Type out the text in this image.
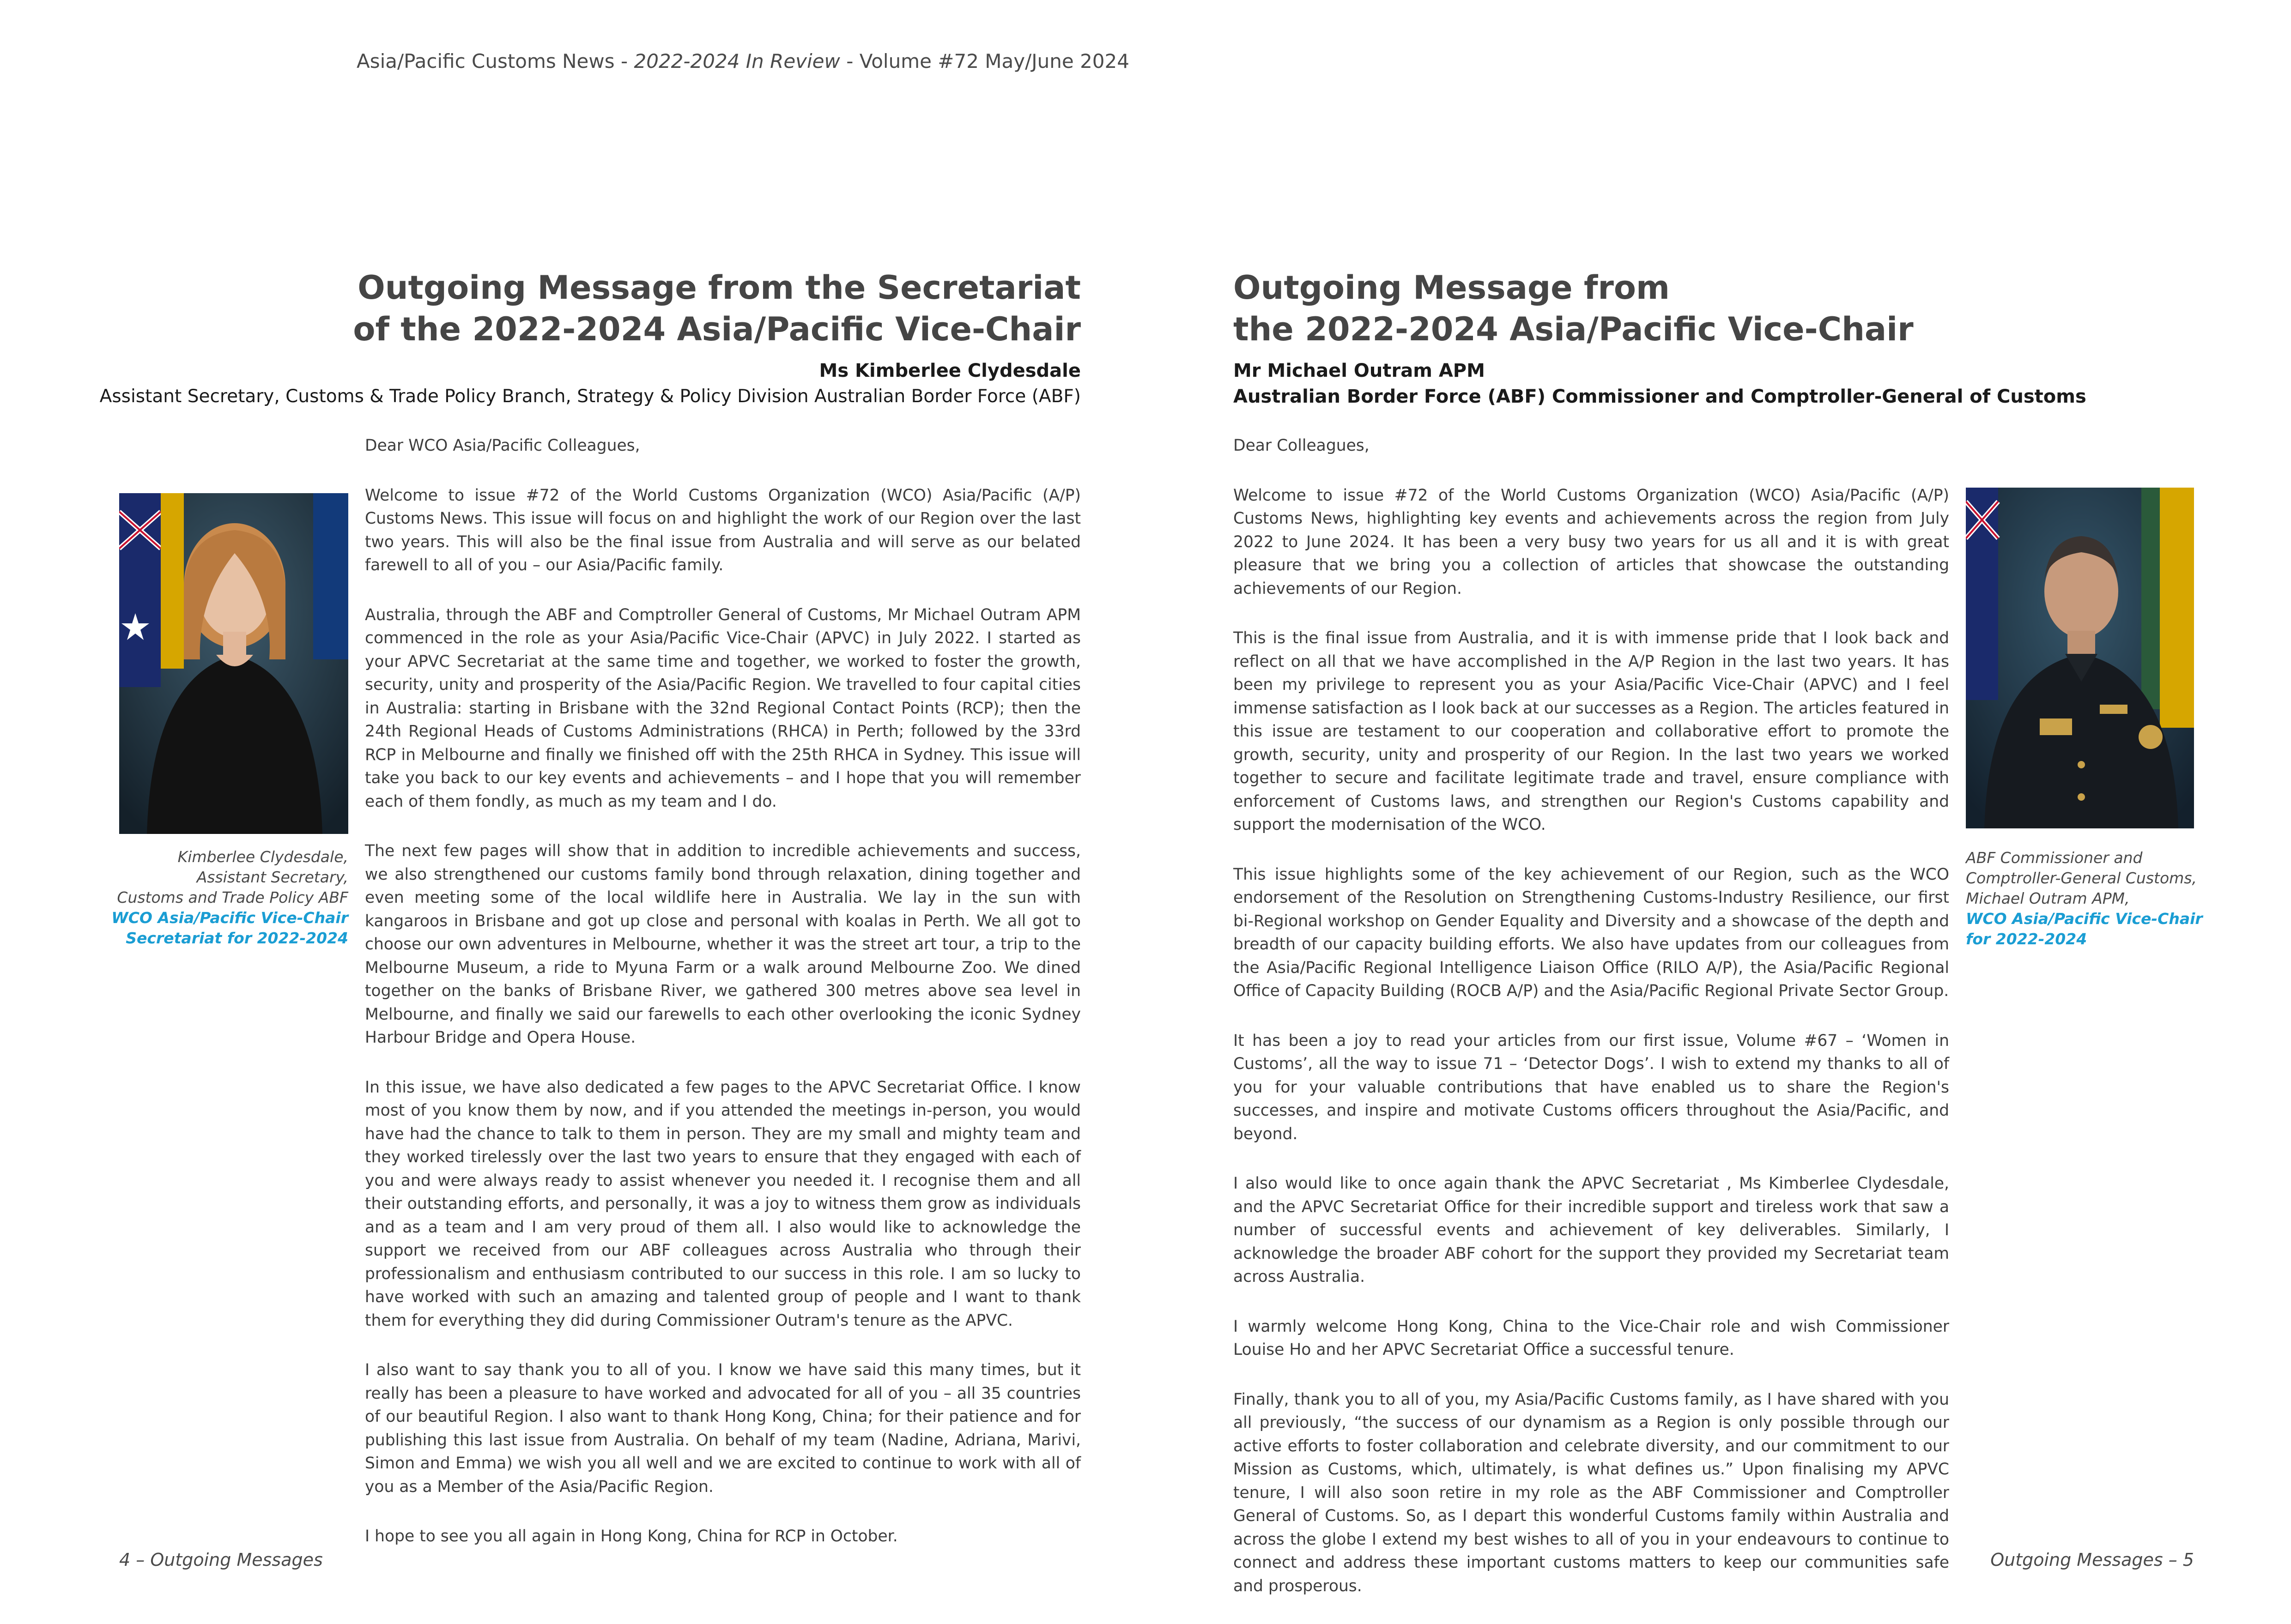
Asia/Pacific Customs News - 2022-2024 In Review - Volume #72 May/June 2024
Outgoing Message from the Secretariat
of the 2022-2024 Asia/Pacific Vice-Chair
Ms Kimberlee Clydesdale
Assistant Secretary, Customs & Trade Policy Branch, Strategy & Policy Division Australian Border Force (ABF)
Kimberlee Clydesdale,
Assistant Secretary,
Customs and Trade Policy ABF
WCO Asia/Pacific Vice-Chair
Secretariat for 2022-2024

Dear WCO Asia/Pacific Colleagues,

Welcome to issue #72 of the World Customs Organization (WCO) Asia/Pacific (A/P) Customs News. This issue will focus on and highlight the work of our Region over the last two years. This will also be the final issue from Australia and will serve as our belated farewell to all of you – our Asia/Pacific family.

Australia, through the ABF and Comptroller General of Customs, Mr Michael Outram APM commenced in the role as your Asia/Pacific Vice-Chair (APVC) in July 2022. I started as your APVC Secretariat at the same time and together, we worked to foster the growth, security, unity and prosperity of the Asia/Pacific Region. We travelled to four capital cities in Australia: starting in Brisbane with the 32nd Regional Contact Points (RCP); then the 24th Regional Heads of Customs Administrations (RHCA) in Perth; followed by the 33rd RCP in Melbourne and finally we finished off with the 25th RHCA in Sydney. This issue will take you back to our key events and achievements – and I hope that you will remember each of them fondly, as much as my team and I do.

The next few pages will show that in addition to incredible achievements and success, we also strengthened our customs family bond through relaxation, dining together and even meeting some of the local wildlife here in Australia. We lay in the sun with kangaroos in Brisbane and got up close and personal with koalas in Perth. We all got to choose our own adventures in Melbourne, whether it was the street art tour, a trip to the Melbourne Museum, a ride to Myuna Farm or a walk around Melbourne Zoo. We dined together on the banks of Brisbane River, we gathered 300 metres above sea level in Melbourne, and finally we said our farewells to each other overlooking the iconic Sydney Harbour Bridge and Opera House.

In this issue, we have also dedicated a few pages to the APVC Secretariat Office. I know most of you know them by now, and if you attended the meetings in-person, you would have had the chance to talk to them in person. They are my small and mighty team and they worked tirelessly over the last two years to ensure that they engaged with each of you and were always ready to assist whenever you needed it. I recognise them and all their outstanding efforts, and personally, it was a joy to witness them grow as individuals and as a team and I am very proud of them all. I also would like to acknowledge the support we received from our ABF colleagues across Australia who through their professionalism and enthusiasm contributed to our success in this role. I am so lucky to have worked with such an amazing and talented group of people and I want to thank them for everything they did during Commissioner Outram's tenure as the APVC.

I also want to say thank you to all of you. I know we have said this many times, but it really has been a pleasure to have worked and advocated for all of you – all 35 countries of our beautiful Region. I also want to thank Hong Kong, China; for their patience and for publishing this last issue from Australia. On behalf of my team (Nadine, Adriana, Marivi, Simon and Emma) we wish you all well and we are excited to continue to work with all of you as a Member of the Asia/Pacific Region.

I hope to see you all again in Hong Kong, China for RCP in October.

4 – Outgoing Messages
Outgoing Message from
the 2022-2024 Asia/Pacific Vice-Chair
Mr Michael Outram APM
Australian Border Force (ABF) Commissioner and Comptroller-General of Customs
ABF Commissioner and
Comptroller-General Customs,
Michael Outram APM,
WCO Asia/Pacific Vice-Chair
for 2022-2024

Dear Colleagues,

Welcome to issue #72 of the World Customs Organization (WCO) Asia/Pacific (A/P) Customs News, highlighting key events and achievements across the region from July 2022 to June 2024. It has been a very busy two years for us all and it is with great pleasure that we bring you a collection of articles that showcase the outstanding achievements of our Region.

This is the final issue from Australia, and it is with immense pride that I look back and reflect on all that we have accomplished in the A/P Region in the last two years. It has been my privilege to represent you as your Asia/Pacific Vice-Chair (APVC) and I feel immense satisfaction as I look back at our successes as a Region. The articles featured in this issue are testament to our cooperation and collaborative effort to promote the growth, security, unity and prosperity of our Region. In the last two years we worked together to secure and facilitate legitimate trade and travel, ensure compliance with enforcement of Customs laws, and strengthen our Region's Customs capability and support the modernisation of the WCO.

This issue highlights some of the key achievement of our Region, such as the WCO endorsement of the Resolution on Strengthening Customs-Industry Resilience, our first bi-Regional workshop on Gender Equality and Diversity and a showcase of the depth and breadth of our capacity building efforts. We also have updates from our colleagues from the Asia/Pacific Regional Intelligence Liaison Office (RILO A/P), the Asia/Pacific Regional Office of Capacity Building (ROCB A/P) and the Asia/Pacific Regional Private Sector Group.

It has been a joy to read your articles from our first issue, Volume #67 – ‘Women in Customs’, all the way to issue 71 – ‘Detector Dogs’. I wish to extend my thanks to all of you for your valuable contributions that have enabled us to share the Region's successes, and inspire and motivate Customs officers throughout the Asia/Pacific, and beyond.

I also would like to once again thank the APVC Secretariat , Ms Kimberlee Clydesdale, and the APVC Secretariat Office for their incredible support and tireless work that saw a number of successful events and achievement of key deliverables. Similarly, I acknowledge the broader ABF cohort for the support they provided my Secretariat team across Australia.

I warmly welcome Hong Kong, China to the Vice-Chair role and wish Commissioner Louise Ho and her APVC Secretariat Office a successful tenure.

Finally, thank you to all of you, my Asia/Pacific Customs family, as I have shared with you all previously, “the success of our dynamism as a Region is only possible through our active efforts to foster collaboration and celebrate diversity, and our commitment to our Mission as Customs, which, ultimately, is what defines us.” Upon finalising my APVC tenure, I will also soon retire in my role as the ABF Commissioner and Comptroller General of Customs. So, as I depart this wonderful Customs family within Australia and across the globe I extend my best wishes to all of you in your endeavours to continue to connect and address these important customs matters to keep our communities safe and prosperous.

Outgoing Messages – 5
